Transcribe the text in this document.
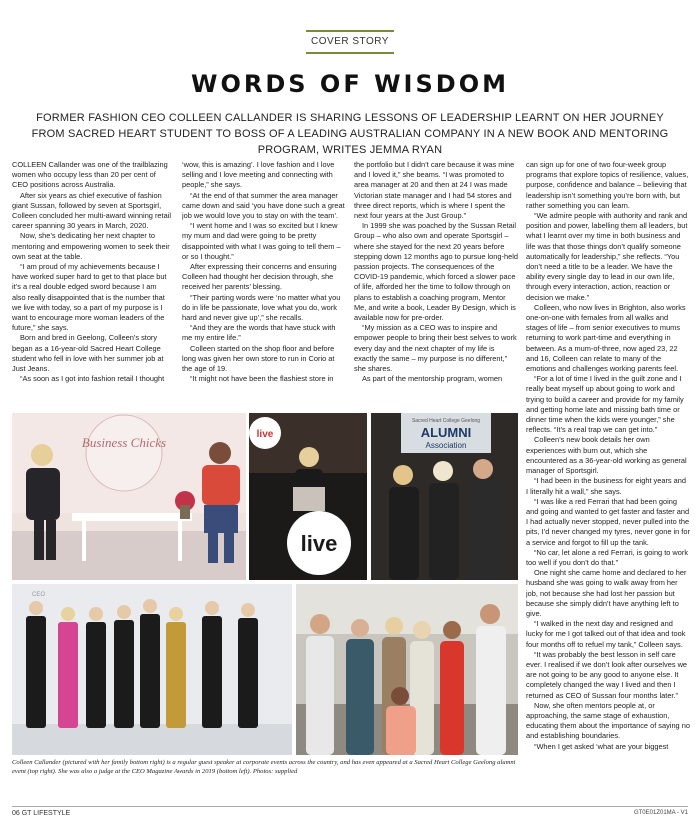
COVER STORY
WORDS OF WISDOM
FORMER FASHION CEO COLLEEN CALLANDER IS SHARING LESSONS OF LEADERSHIP LEARNT ON HER JOURNEY FROM SACRED HEART STUDENT TO BOSS OF A LEADING AUSTRALIAN COMPANY IN A NEW BOOK AND MENTORING PROGRAM, WRITES JEMMA RYAN

COLLEEN Callander was one of the trailblazing women who occupy less than 20 per cent of CEO positions across Australia.

After six years as chief executive of fashion giant Sussan, followed by seven at Sportsgirl, Colleen concluded her multi-award winning retail career spanning 30 years in March, 2020.

Now, she’s dedicating her next chapter to mentoring and empowering women to seek their own seat at the table.

“I am proud of my achievements because I have worked super hard to get to that place but it’s a real double edged sword because I am also really disappointed that is the number that we live with today, so a part of my purpose is I want to encourage more woman leaders of the future,” she says.

Born and bred in Geelong, Colleen’s story began as a 16-year-old Sacred Heart College student who fell in love with her summer job at Just Jeans.

“As soon as I got into fashion retail I thought

‘wow, this is amazing’. I love fashion and I love selling and I love meeting and connecting with people,” she says.

“At the end of that summer the area manager came down and said ‘you have done such a great job we would love you to stay on with the team’.

“I went home and I was so excited but I knew my mum and dad were going to be pretty disappointed with what I was going to tell them – or so I thought.”

After expressing their concerns and ensuring Colleen had thought her decision through, she received her parents’ blessing.

“Their parting words were ‘no matter what you do in life be passionate, love what you do, work hard and never give up’,” she recalls.

“And they are the words that have stuck with me my entire life.”

Colleen started on the shop floor and before long was given her own store to run in Corio at the age of 19.

“It might not have been the flashiest store in

the portfolio but I didn’t care because it was mine and I loved it,” she beams. “I was promoted to area manager at 20 and then at 24 I was made Victorian state manager and I had 54 stores and three direct reports, which is where I spent the next four years at the Just Group.”

In 1999 she was poached by the Sussan Retail Group – who also own and operate Sportsgirl – where she stayed for the next 20 years before stepping down 12 months ago to pursue long-held passion projects. The consequences of the COVID-19 pandemic, which forced a slower pace of life, afforded her the time to follow through on plans to establish a coaching program, Mentor Me, and write a book, Leader By Design, which is available now for pre-order.

“My mission as a CEO was to inspire and empower people to bring their best selves to work every day and the next chapter of my life is exactly the same – my purpose is no different,” she shares.

As part of the mentorship program, women

can sign up for one of two four-week group programs that explore topics of resilience, values, purpose, confidence and balance – believing that leadership isn’t something you’re born with, but rather something you can learn.

“We admire people with authority and rank and position and power, labelling them all leaders, but what I learnt over my time in both business and life was that those things don’t qualify someone automatically for leadership,” she reflects. “You don’t need a title to be a leader. We have the ability every single day to lead in our own life, through every interaction, action, reaction or decision we make.”

Colleen, who now lives in Brighton, also works one-on-one with females from all walks and stages of life – from senior executives to mums returning to work part-time and everything in between. As a mum-of-three, now aged 23, 22 and 16, Colleen can relate to many of the emotions and challenges working parents feel.

“For a lot of time I lived in the guilt zone and I really beat myself up about going to work and trying to build a career and provide for my family and getting home late and missing bath time or dinner time when the kids were younger,” she reflects. “It’s a real trap we can get into.”

Colleen’s new book details her own experiences with burn out, which she encountered as a 36-year-old working as general manager of Sportsgirl.

“I had been in the business for eight years and I literally hit a wall,” she says.

“I was like a red Ferrari that had been going and going and wanted to get faster and faster and I had actually never stopped, never pulled into the pits, I’d never changed my tyres, never gone in for a service and forgot to fill up the tank.

“No car, let alone a red Ferrari, is going to work too well if you don’t do that.”

One night she came home and declared to her husband she was going to walk away from her job, not because she had lost her passion but because she simply didn’t have anything left to give.

“I walked in the next day and resigned and lucky for me I got talked out of that idea and took four months off to refuel my tank,” Colleen says.

“It was probably the best lesson in self care ever. I realised if we don’t look after ourselves we are not going to be any good to anyone else. It completely changed the way I lived and then I returned as CEO of Sussan four months later.”

Now, she often mentors people at, or approaching, the same stage of exhaustion, educating them about the importance of saying no and establishing boundaries.

“When I get asked ‘what are your biggest

Business Chicks
live
live
Sacred Heart College Geelong
ALUMNI
Association
CEO
Colleen Callander (pictured with her family bottom right) is a regular guest speaker at corporate events across the country, and has even appeared at a Sacred Heart College Geelong alumni event (top right). She was also a judge at the CEO Magazine Awards in 2019 (bottom left). Photos: supplied
06 GT LIFESTYLE	GT0E01Z01MA - V1
